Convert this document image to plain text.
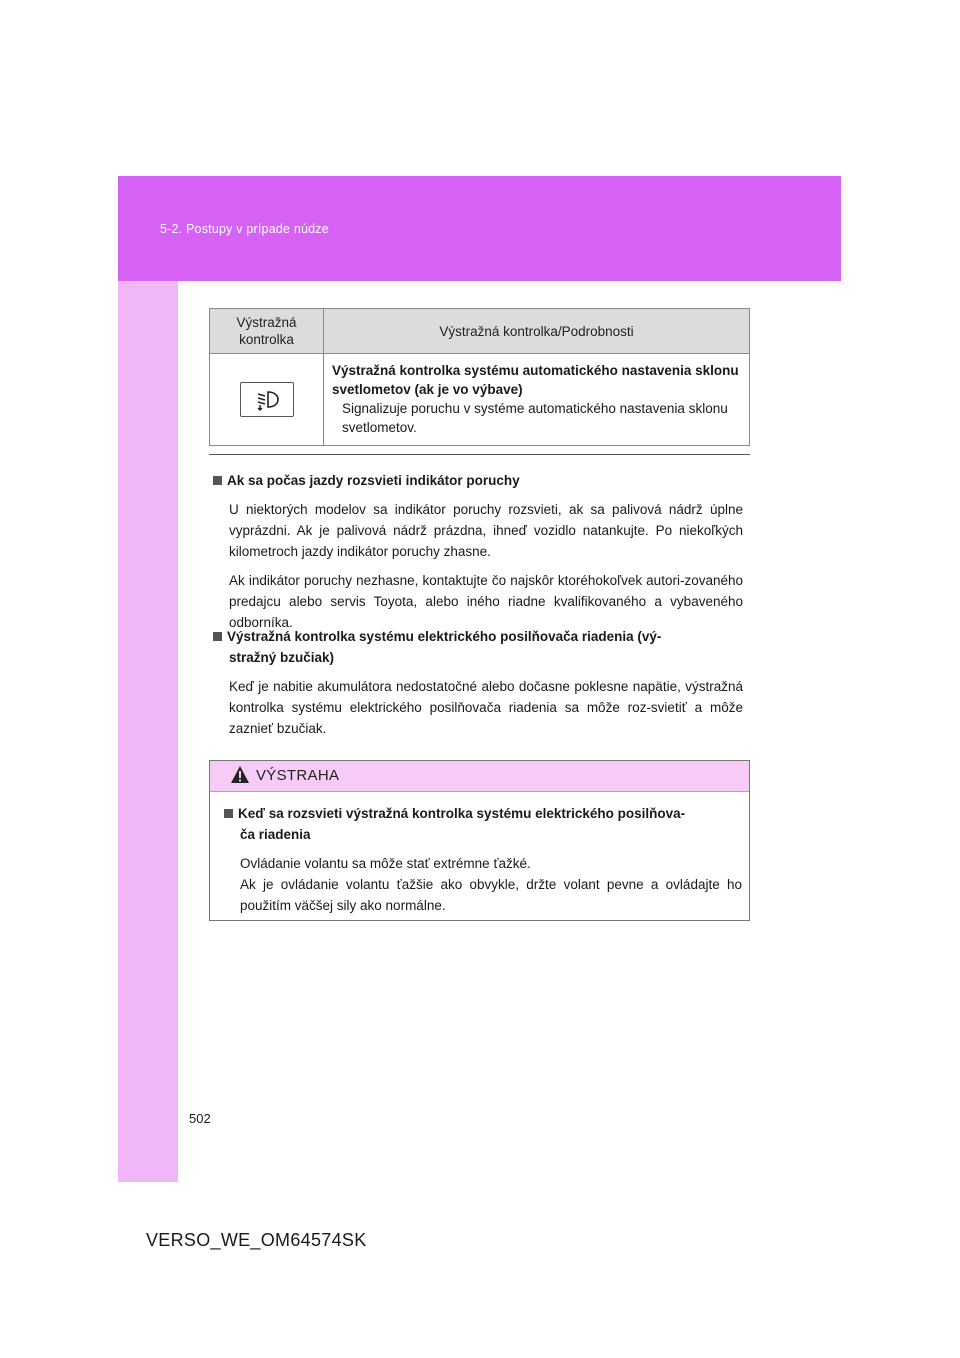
5-2. Postupy v prípade núdze
Výstražná kontrolka	Výstražná kontrolka/Podrobnosti

Výstražná kontrolka systému automatického nastavenia sklonu svetlometov (ak je vo výbave)
Signalizuje poruchu v systéme automatického nastavenia sklonu svetlometov.
Ak sa počas jazdy rozsvieti indikátor poruchy
U niektorých modelov sa indikátor poruchy rozsvieti, ak sa palivová nádrž úplne vyprázdni. Ak je palivová nádrž prázdna, ihneď vozidlo natankujte. Po niekoľkých kilometroch jazdy indikátor poruchy zhasne.
Ak indikátor poruchy nezhasne, kontaktujte čo najskôr ktoréhokoľvek autori-zovaného predajcu alebo servis Toyota, alebo iného riadne kvalifikovaného a vybaveného odborníka.
Výstražná kontrolka systému elektrického posilňovača riadenia (vý-
stražný bzučiak)
Keď je nabitie akumulátora nedostatočné alebo dočasne poklesne napätie, výstražná kontrolka systému elektrického posilňovača riadenia sa môže roz-svietiť a môže zaznieť bzučiak.
VÝSTRAHA
Keď sa rozsvieti výstražná kontrolka systému elektrického posilňova-
ča riadenia
Ovládanie volantu sa môže stať extrémne ťažké.
Ak je ovládanie volantu ťažšie ako obvykle, držte volant pevne a ovládajte ho použitím väčšej sily ako normálne.
502
VERSO_WE_OM64574SK
